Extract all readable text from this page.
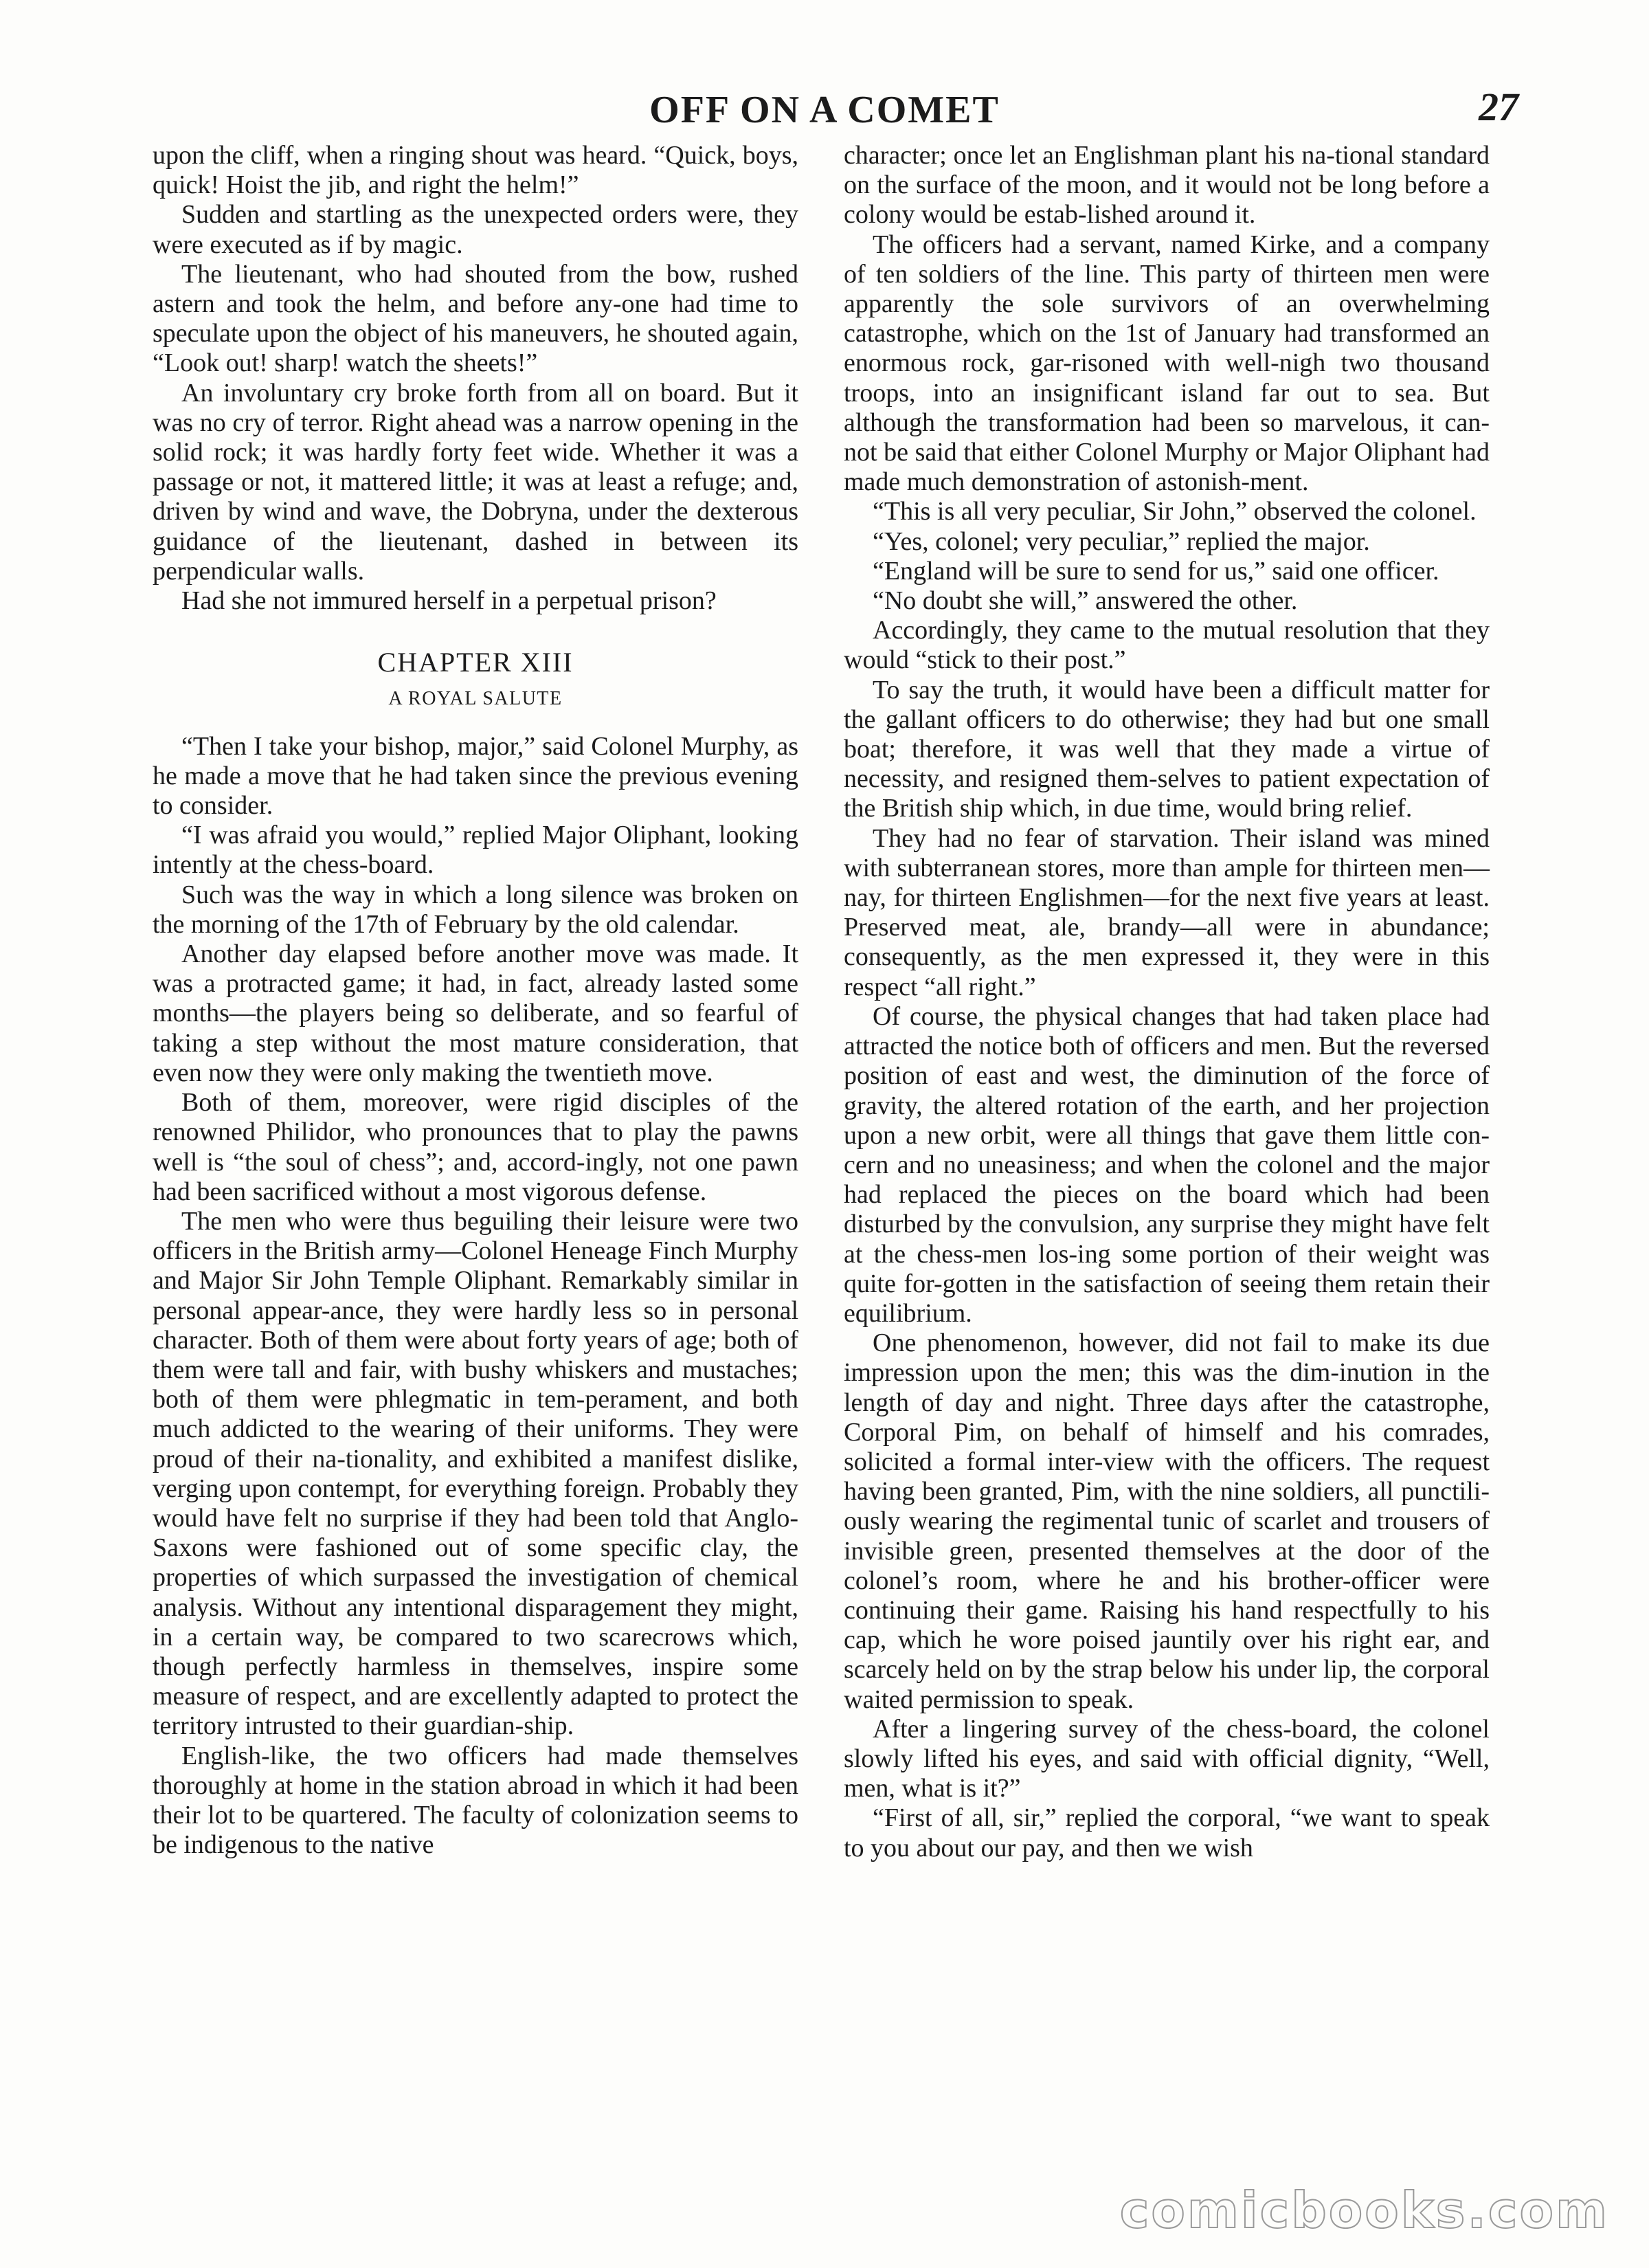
OFF ON A COMET	27

upon the cliff, when a ringing shout was heard. “Quick, boys, quick! Hoist the jib, and right the helm!”

Sudden and startling as the unexpected orders were, they were executed as if by magic.

The lieutenant, who had shouted from the bow, rushed astern and took the helm, and before any-one had time to speculate upon the object of his maneuvers, he shouted again, “Look out! sharp! watch the sheets!”

An involuntary cry broke forth from all on board. But it was no cry of terror. Right ahead was a narrow opening in the solid rock; it was hardly forty feet wide. Whether it was a passage or not, it mattered little; it was at least a refuge; and, driven by wind and wave, the Dobryna, under the dexterous guidance of the lieutenant, dashed in between its perpendicular walls.

Had she not immured herself in a perpetual prison?

CHAPTER XIII
A ROYAL SALUTE

“Then I take your bishop, major,” said Colonel Murphy, as he made a move that he had taken since the previous evening to consider.

“I was afraid you would,” replied Major Oliphant, looking intently at the chess-board.

Such was the way in which a long silence was broken on the morning of the 17th of February by the old calendar.

Another day elapsed before another move was made. It was a protracted game; it had, in fact, already lasted some months—the players being so deliberate, and so fearful of taking a step without the most mature consideration, that even now they were only making the twentieth move.

Both of them, moreover, were rigid disciples of the renowned Philidor, who pronounces that to play the pawns well is “the soul of chess”; and, accord-ingly, not one pawn had been sacrificed without a most vigorous defense.

The men who were thus beguiling their leisure were two officers in the British army—Colonel Heneage Finch Murphy and Major Sir John Temple Oliphant. Remarkably similar in personal appear-ance, they were hardly less so in personal character. Both of them were about forty years of age; both of them were tall and fair, with bushy whiskers and mustaches; both of them were phlegmatic in tem-perament, and both much addicted to the wearing of their uniforms. They were proud of their na-tionality, and exhibited a manifest dislike, verging upon contempt, for everything foreign. Probably they would have felt no surprise if they had been told that Anglo-Saxons were fashioned out of some specific clay, the properties of which surpassed the investigation of chemical analysis. Without any intentional disparagement they might, in a certain way, be compared to two scarecrows which, though perfectly harmless in themselves, inspire some measure of respect, and are excellently adapted to protect the territory intrusted to their guardian-ship.

English-like, the two officers had made themselves thoroughly at home in the station abroad in which it had been their lot to be quartered. The faculty of colonization seems to be indigenous to the native

character; once let an Englishman plant his na-tional standard on the surface of the moon, and it would not be long before a colony would be estab-lished around it.

The officers had a servant, named Kirke, and a company of ten soldiers of the line. This party of thirteen men were apparently the sole survivors of an overwhelming catastrophe, which on the 1st of January had transformed an enormous rock, gar-risoned with well-nigh two thousand troops, into an insignificant island far out to sea. But although the transformation had been so marvelous, it can-not be said that either Colonel Murphy or Major Oliphant had made much demonstration of astonish-ment.

“This is all very peculiar, Sir John,” observed the colonel.

“Yes, colonel; very peculiar,” replied the major.

“England will be sure to send for us,” said one officer.

“No doubt she will,” answered the other.

Accordingly, they came to the mutual resolution that they would “stick to their post.”

To say the truth, it would have been a difficult matter for the gallant officers to do otherwise; they had but one small boat; therefore, it was well that they made a virtue of necessity, and resigned them-selves to patient expectation of the British ship which, in due time, would bring relief.

They had no fear of starvation. Their island was mined with subterranean stores, more than ample for thirteen men—nay, for thirteen Englishmen—for the next five years at least. Preserved meat, ale, brandy—all were in abundance; consequently, as the men expressed it, they were in this respect “all right.”

Of course, the physical changes that had taken place had attracted the notice both of officers and men. But the reversed position of east and west, the diminution of the force of gravity, the altered rotation of the earth, and her projection upon a new orbit, were all things that gave them little con-cern and no uneasiness; and when the colonel and the major had replaced the pieces on the board which had been disturbed by the convulsion, any surprise they might have felt at the chess-men los-ing some portion of their weight was quite for-gotten in the satisfaction of seeing them retain their equilibrium.

One phenomenon, however, did not fail to make its due impression upon the men; this was the dim-inution in the length of day and night. Three days after the catastrophe, Corporal Pim, on behalf of himself and his comrades, solicited a formal inter-view with the officers. The request having been granted, Pim, with the nine soldiers, all punctili-ously wearing the regimental tunic of scarlet and trousers of invisible green, presented themselves at the door of the colonel’s room, where he and his brother-officer were continuing their game. Raising his hand respectfully to his cap, which he wore poised jauntily over his right ear, and scarcely held on by the strap below his under lip, the corporal waited permission to speak.

After a lingering survey of the chess-board, the colonel slowly lifted his eyes, and said with official dignity, “Well, men, what is it?”

“First of all, sir,” replied the corporal, “we want to speak to you about our pay, and then we wish

comicbooks.com
